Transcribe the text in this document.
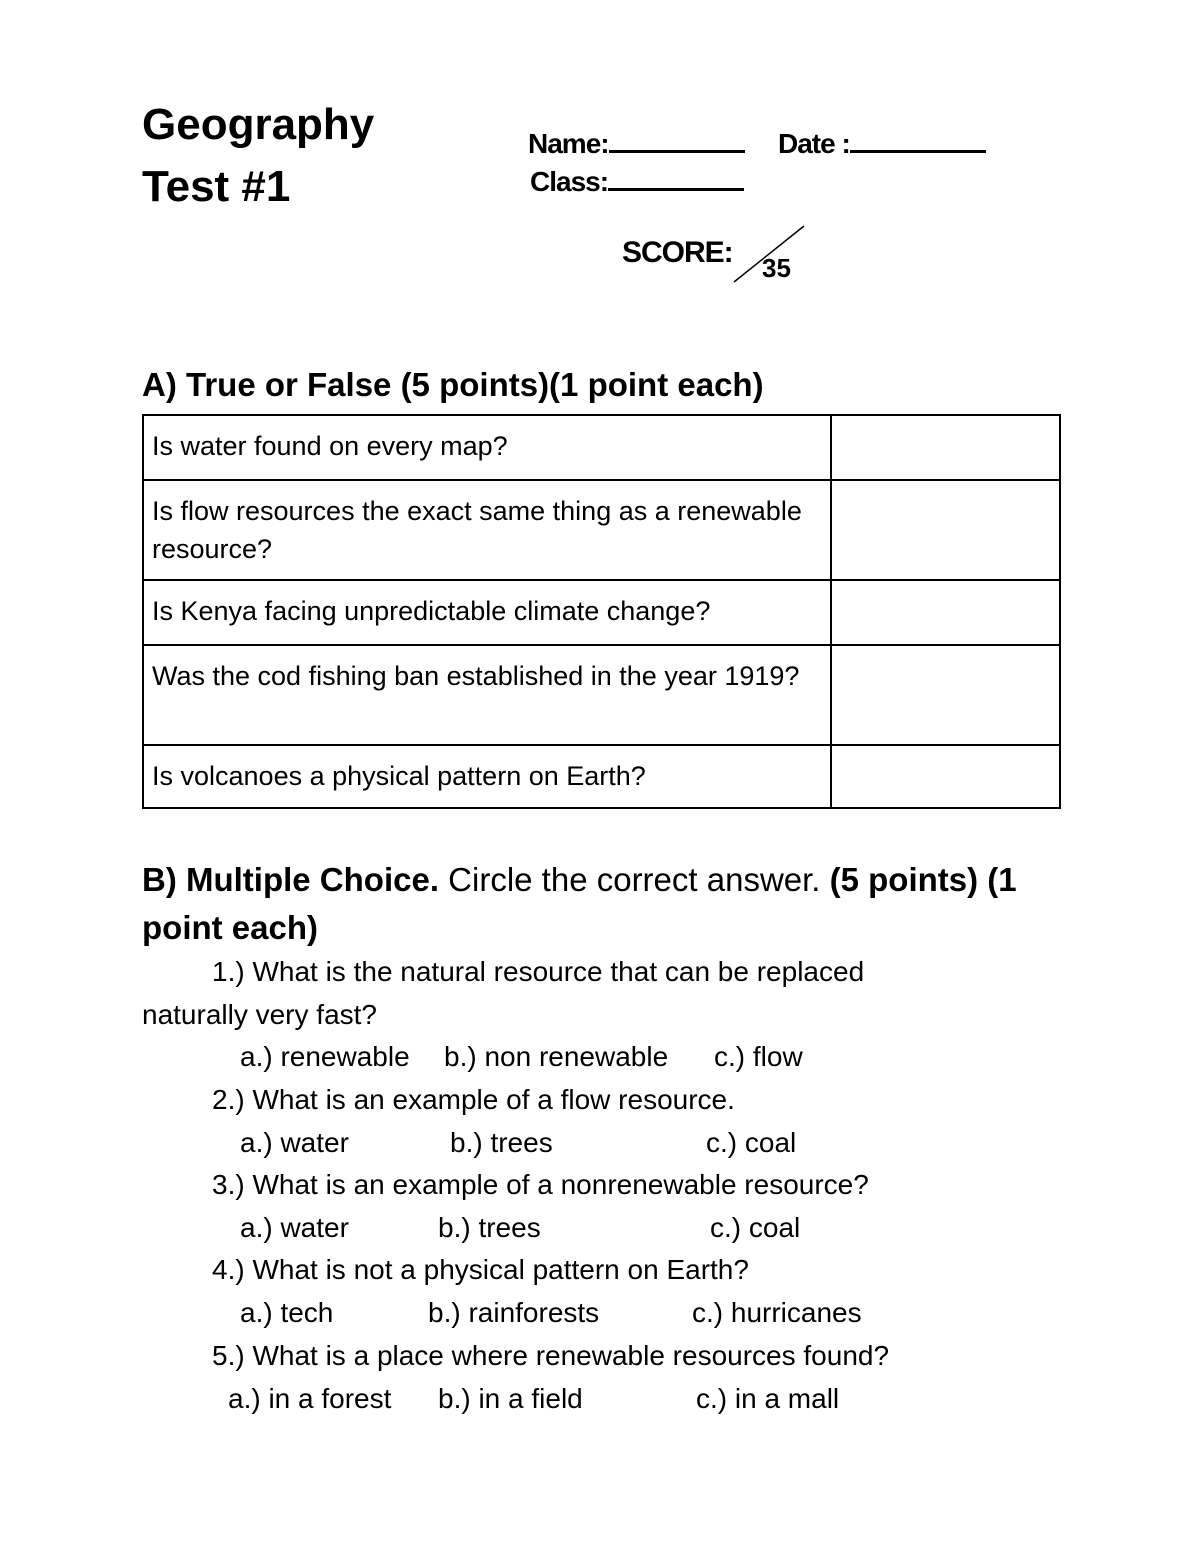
Geography
Test #1
Name:	Date :
Class:
SCORE: 35
A) True or False (5 points)(1 point each)
Is water found on every map?	
Is flow resources the exact same thing as a renewable resource?	
Is Kenya facing unpredictable climate change?	
Was the cod fishing ban established in the year 1919?	
Is volcanoes a physical pattern on Earth?	
B) Multiple Choice. Circle the correct answer. (5 points) (1 point each)
1.) What is the natural resource that can be replaced
naturally very fast?
a.) renewable b.) non renewable c.) flow
2.) What is an example of a flow resource.
a.) water	b.) trees	c.) coal
3.) What is an example of a nonrenewable resource?
a.) water	b.) trees	c.) coal
4.) What is not a physical pattern on Earth?
a.) tech	b.) rainforests	c.) hurricanes
5.) What is a place where renewable resources found?
a.) in a forest b.) in a field	c.) in a mall
